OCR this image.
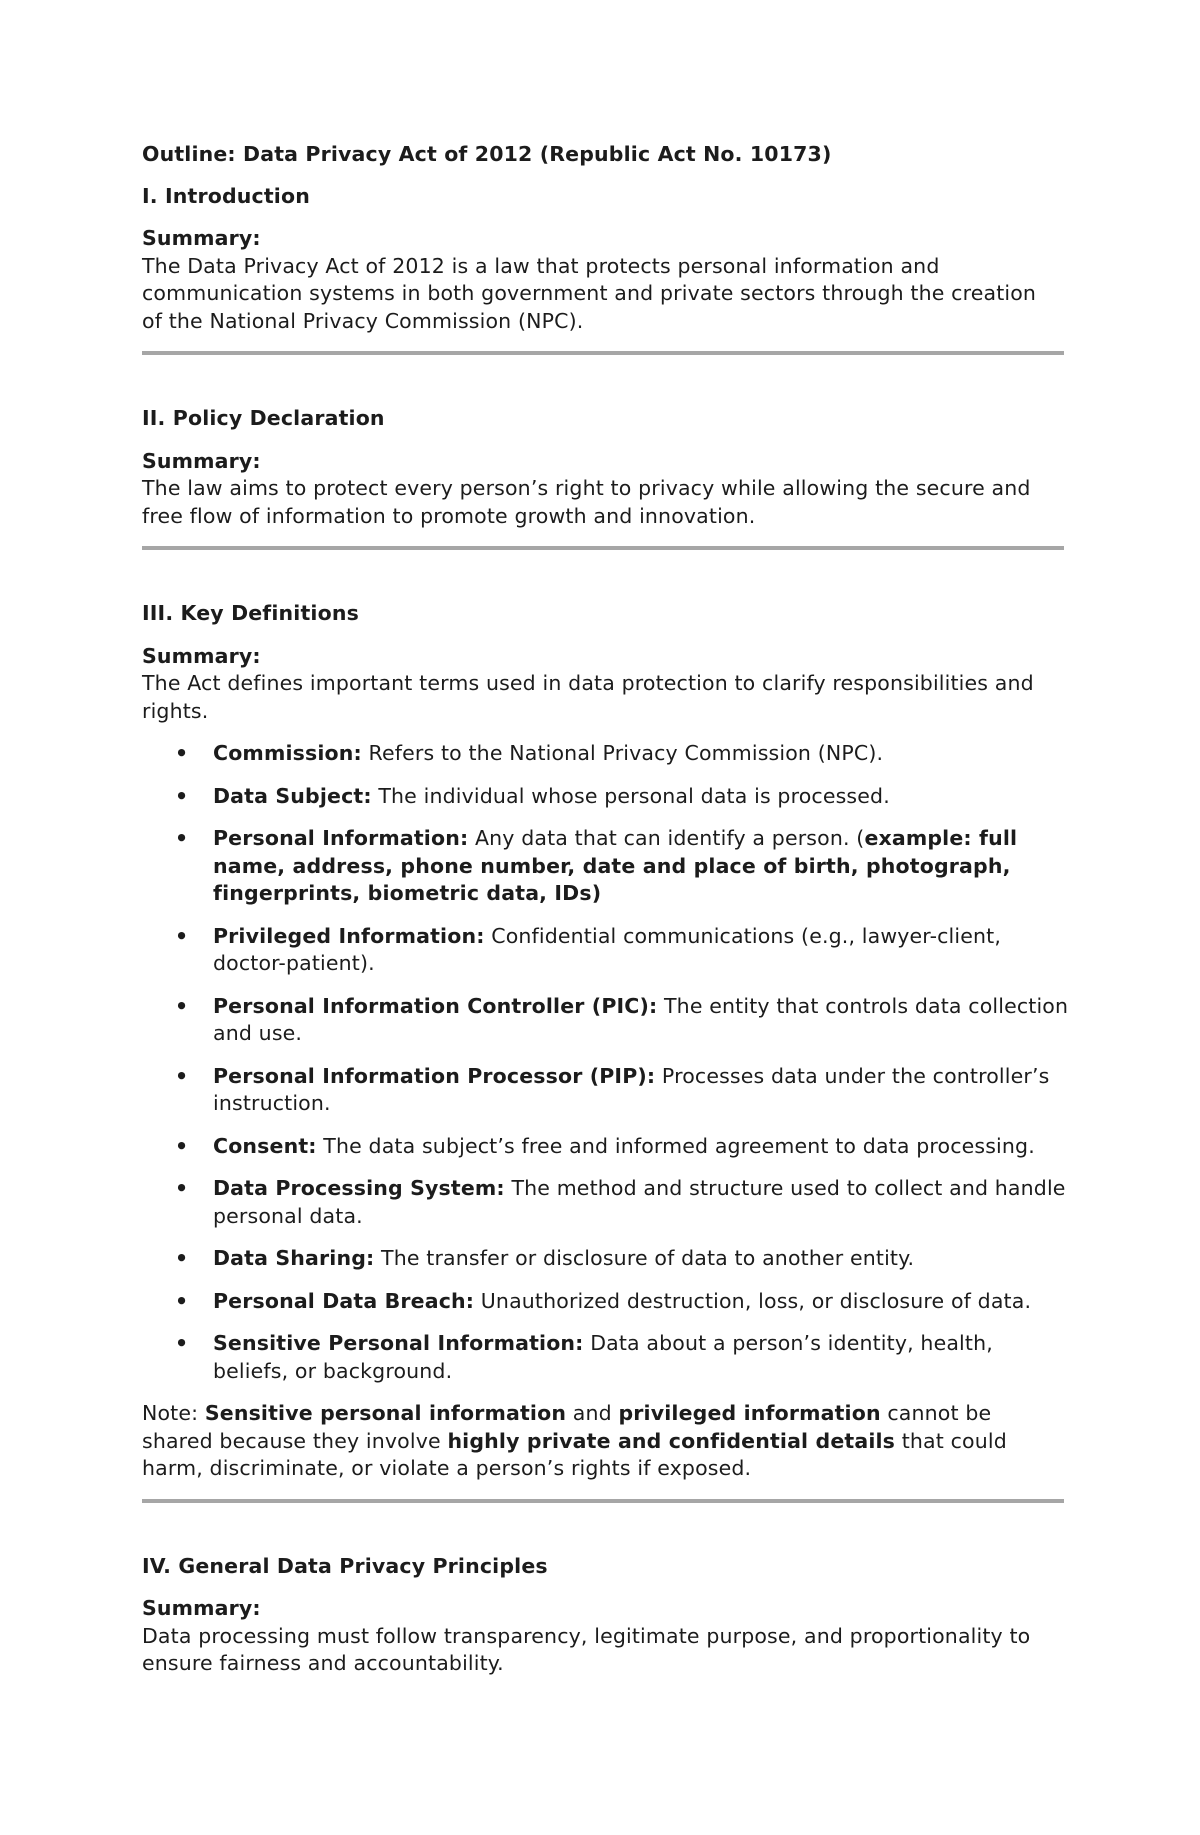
Outline: Data Privacy Act of 2012 (Republic Act No. 10173)
I. Introduction

Summary:

The Data Privacy Act of 2012 is a law that protects personal information and communication systems in both government and private sectors through the creation of the National Privacy Commission (NPC).

II. Policy Declaration

Summary:

The law aims to protect every person’s right to privacy while allowing the secure and free flow of information to promote growth and innovation.

III. Key Definitions

Summary:

The Act defines important terms used in data protection to clarify responsibilities and rights.

• Commission: Refers to the National Privacy Commission (NPC).
• Data Subject: The individual whose personal data is processed.
• Personal Information: Any data that can identify a person. (example: full name, address, phone number, date and place of birth, photograph, fingerprints, biometric data, IDs)
• Privileged Information: Confidential communications (e.g., lawyer-client, doctor-patient).
• Personal Information Controller (PIC): The entity that controls data collection and use.
• Personal Information Processor (PIP): Processes data under the controller’s instruction.
• Consent: The data subject’s free and informed agreement to data processing.
• Data Processing System: The method and structure used to collect and handle personal data.
• Data Sharing: The transfer or disclosure of data to another entity.
• Personal Data Breach: Unauthorized destruction, loss, or disclosure of data.
• Sensitive Personal Information: Data about a person’s identity, health, beliefs, or background.

Note: Sensitive personal information and privileged information cannot be shared because they involve highly private and confidential details that could harm, discriminate, or violate a person’s rights if exposed.

IV. General Data Privacy Principles

Summary:

Data processing must follow transparency, legitimate purpose, and proportionality to ensure fairness and accountability.
